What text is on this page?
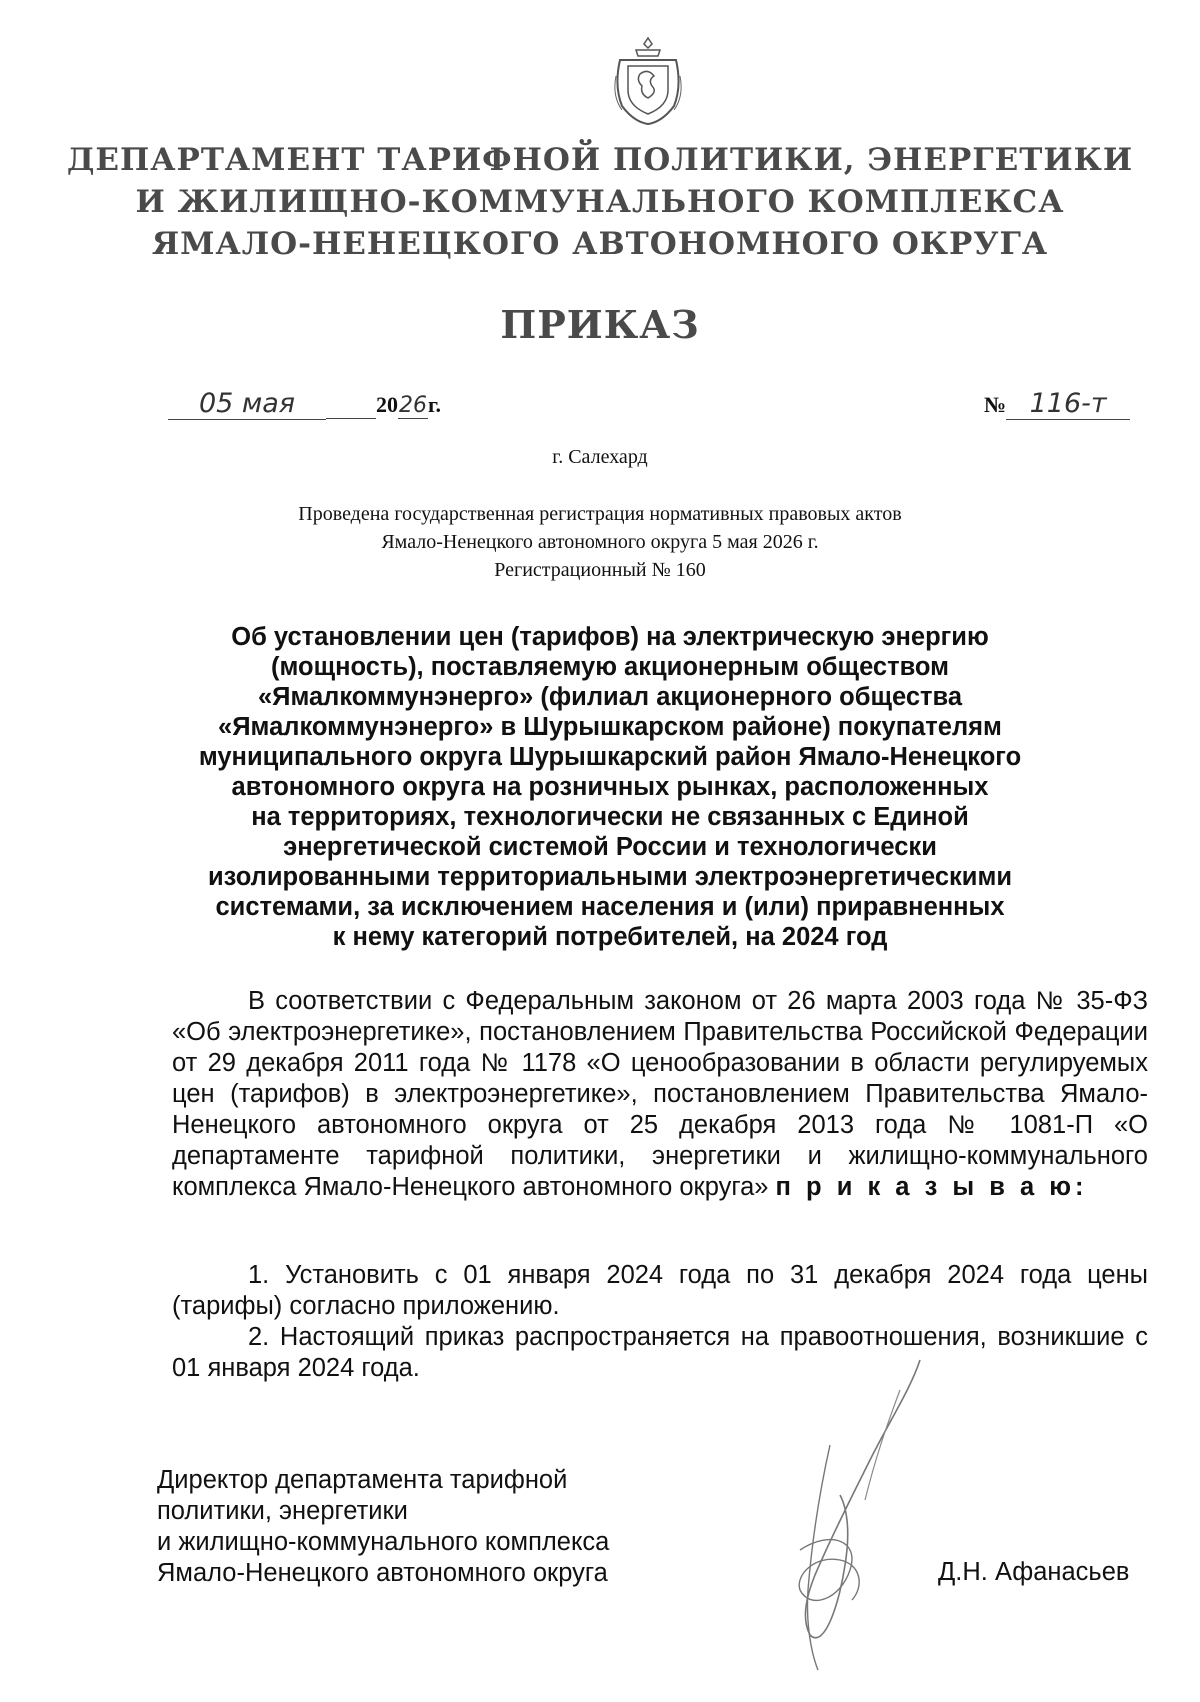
ДЕПАРТАМЕНТ ТАРИФНОЙ ПОЛИТИКИ, ЭНЕРГЕТИКИ
И ЖИЛИЩНО-КОММУНАЛЬНОГО КОМПЛЕКСА
ЯМАЛО-НЕНЕЦКОГО АВТОНОМНОГО ОКРУГА
ПРИКАЗ
05 мая	2026г.	№ 116-т
г. Салехард
Проведена государственная регистрация нормативных правовых актов
Ямало-Ненецкого автономного округа 5 мая 2026 г.
Регистрационный № 160
Об установлении цен (тарифов) на электрическую энергию
(мощность), поставляемую акционерным обществом
«Ямалкоммунэнерго» (филиал акционерного общества
«Ямалкоммунэнерго» в Шурышкарском районе) покупателям
муниципального округа Шурышкарский район Ямало-Ненецкого
автономного округа на розничных рынках, расположенных
на территориях, технологически не связанных с Единой
энергетической системой России и технологически
изолированными территориальными электроэнергетическими
системами, за исключением населения и (или) приравненных
к нему категорий потребителей, на 2024 год
В соответствии с Федеральным законом от 26 марта 2003 года № 35-ФЗ «Об электроэнергетике», постановлением Правительства Российской Федерации от 29 декабря 2011 года № 1178 «О ценообразовании в области регулируемых цен (тарифов) в электроэнергетике», постановлением Правительства Ямало-Ненецкого автономного округа от 25 декабря 2013 года № 1081-П «О департаменте тарифной политики, энергетики и жилищно-коммунального комплекса Ямало-Ненецкого автономного округа» п р и к а з ы в а ю:
1. Установить с 01 января 2024 года по 31 декабря 2024 года цены (тарифы) согласно приложению.
2. Настоящий приказ распространяется на правоотношения, возникшие с 01 января 2024 года.
Директор департамента тарифной
политики, энергетики
и жилищно-коммунального комплекса
Ямало-Ненецкого автономного округа	Д.Н. Афанасьев
